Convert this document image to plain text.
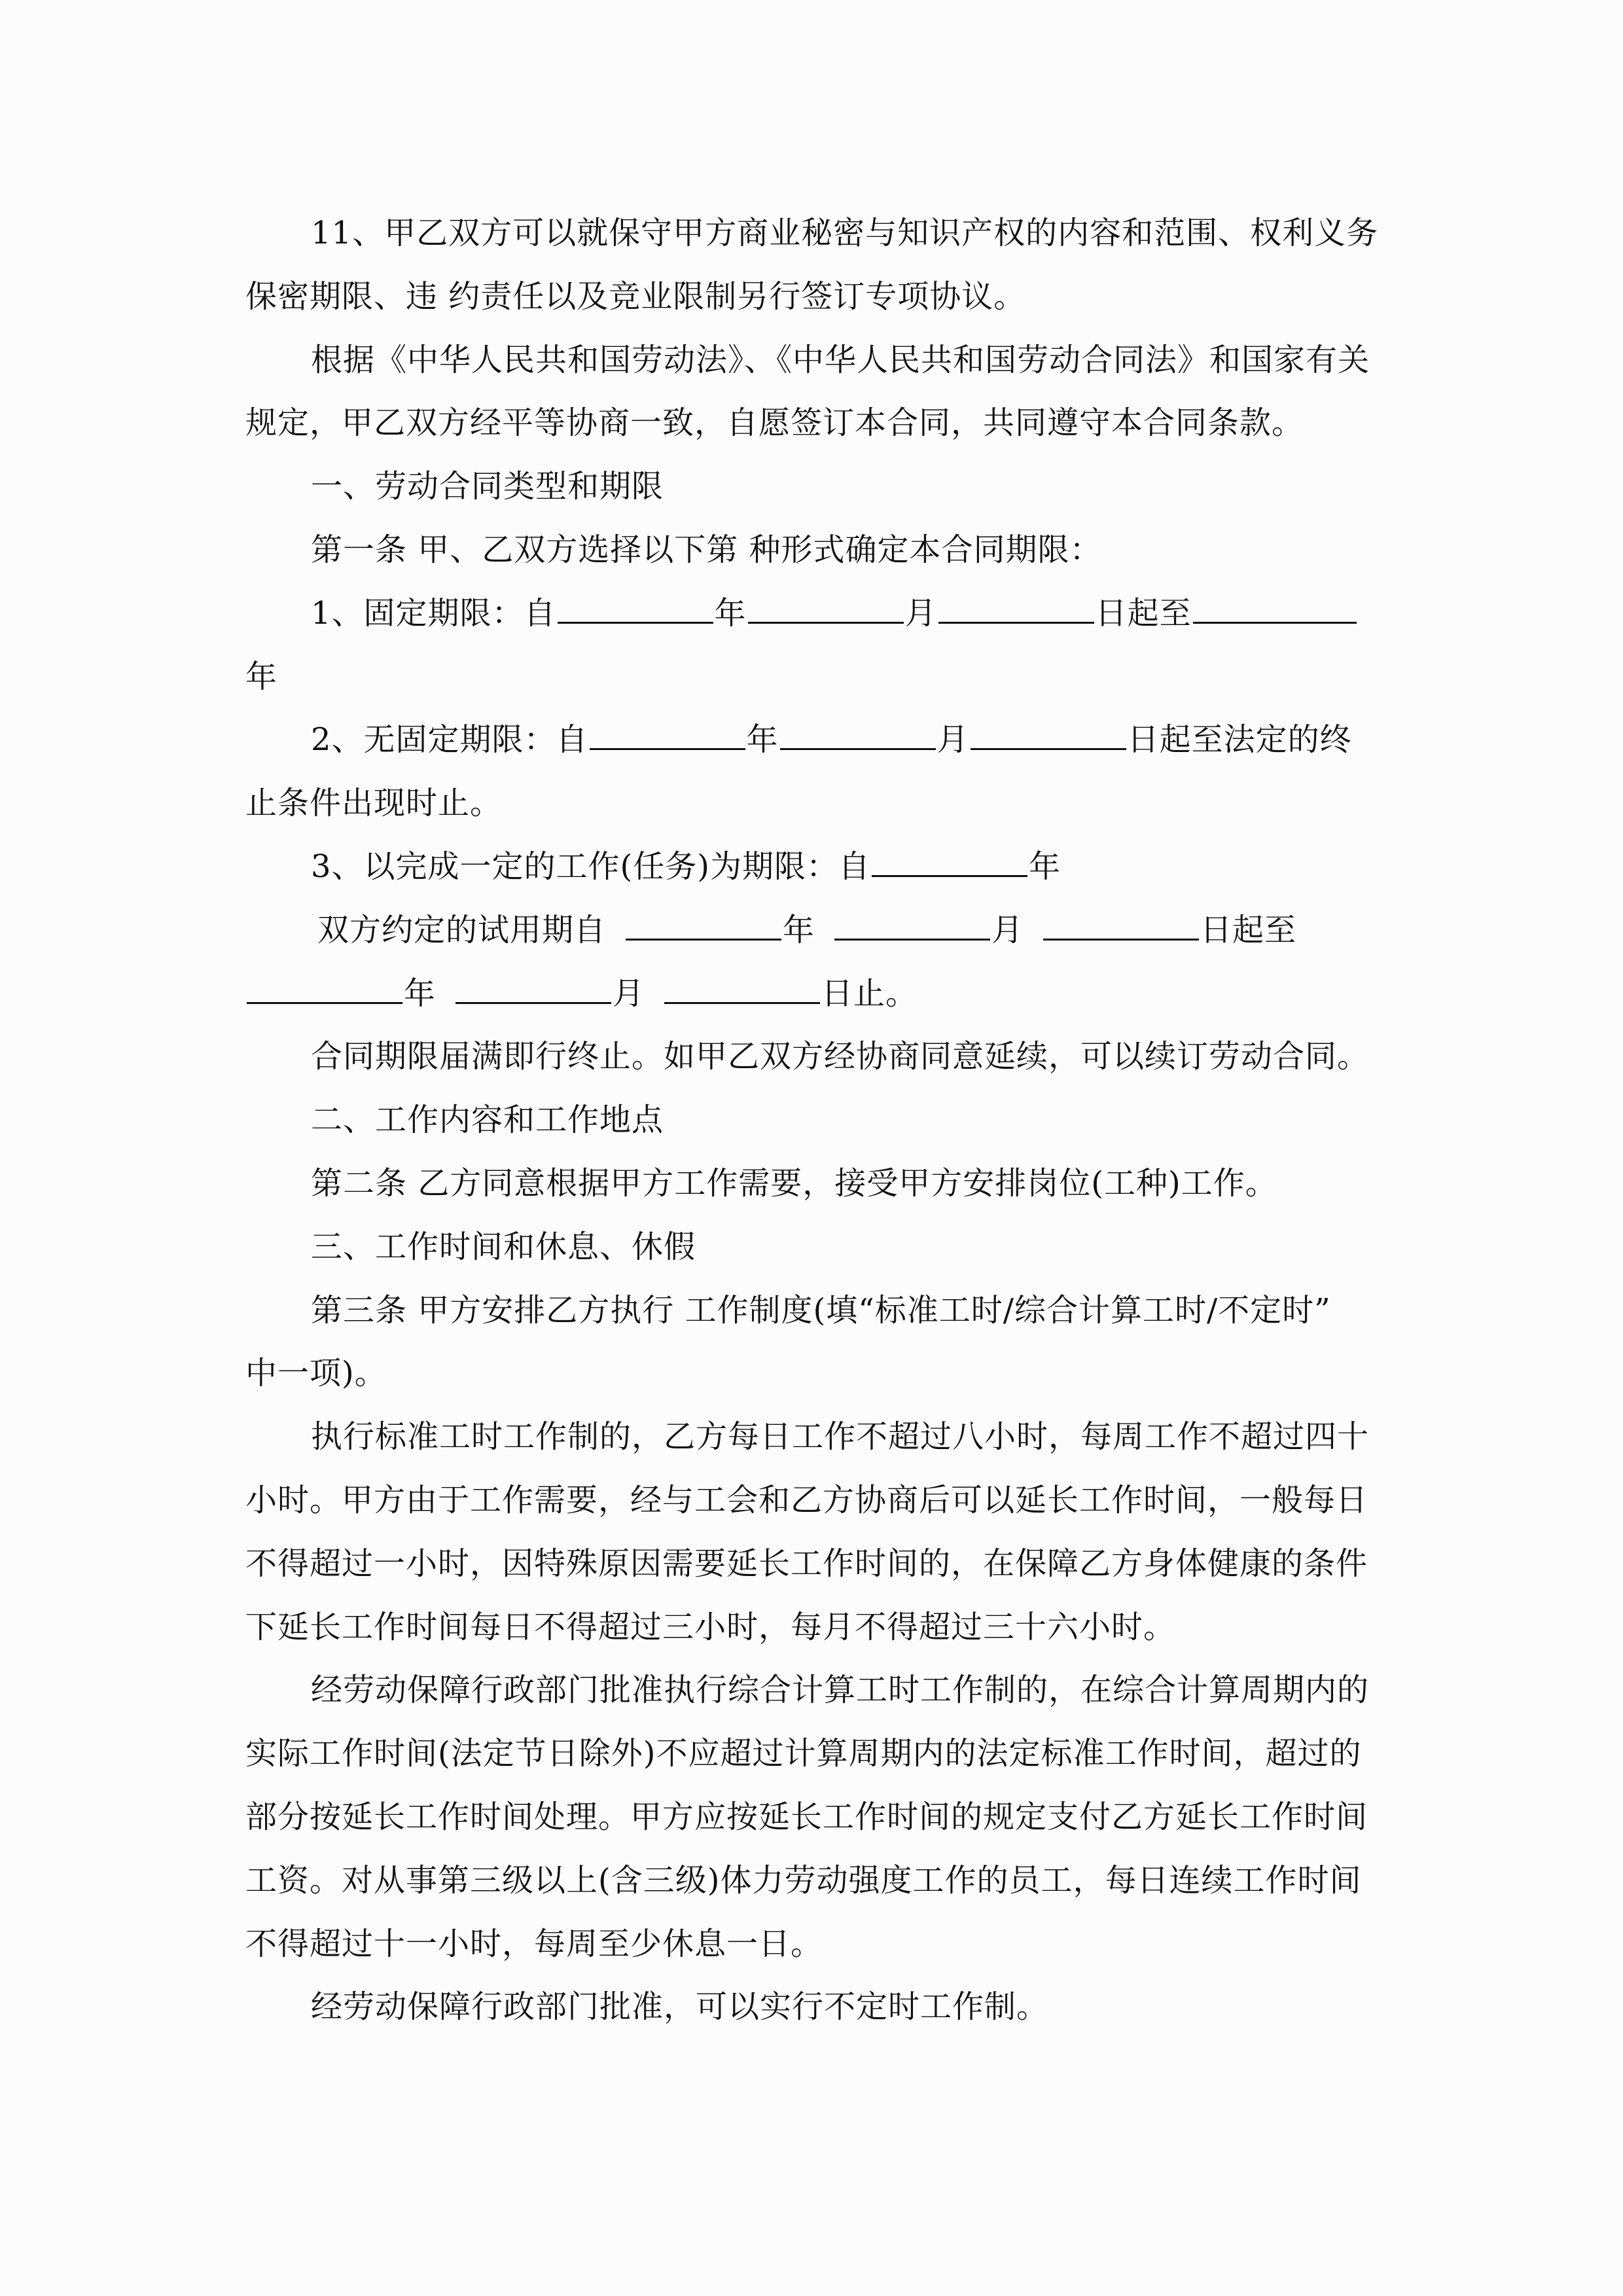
11、甲乙双方可以就保守甲方商业秘密与知识产权的内容和范围、权利义务
保密期限、违 约责任以及竞业限制另行签订专项协议。
根据《中华人民共和国劳动法》、《中华人民共和国劳动合同法》和国家有关
规定，甲乙双方经平等协商一致，自愿签订本合同，共同遵守本合同条款。
一、劳动合同类型和期限
第一条 甲、乙双方选择以下第 种形式确定本合同期限：
1、固定期限：自	年	月	日起至
年
2、无固定期限：自	年	月	日起至法定的终
止条件出现时止。
3、以完成一定的工作(任务)为期限：自	年
双方约定的试用期自	年	月	日起至
年	月	日止。
合同期限届满即行终止。如甲乙双方经协商同意延续，可以续订劳动合同。
二、工作内容和工作地点
第二条 乙方同意根据甲方工作需要，接受甲方安排岗位(工种)工作。
三、工作时间和休息、休假
第三条 甲方安排乙方执行 工作制度(填“标准工时/综合计算工时/不定时”
中一项)。
执行标准工时工作制的，乙方每日工作不超过八小时，每周工作不超过四十
小时。甲方由于工作需要，经与工会和乙方协商后可以延长工作时间，一般每日
不得超过一小时，因特殊原因需要延长工作时间的，在保障乙方身体健康的条件
下延长工作时间每日不得超过三小时，每月不得超过三十六小时。
经劳动保障行政部门批准执行综合计算工时工作制的，在综合计算周期内的
实际工作时间(法定节日除外)不应超过计算周期内的法定标准工作时间，超过的
部分按延长工作时间处理。甲方应按延长工作时间的规定支付乙方延长工作时间
工资。对从事第三级以上(含三级)体力劳动强度工作的员工，每日连续工作时间
不得超过十一小时，每周至少休息一日。
经劳动保障行政部门批准，可以实行不定时工作制。
